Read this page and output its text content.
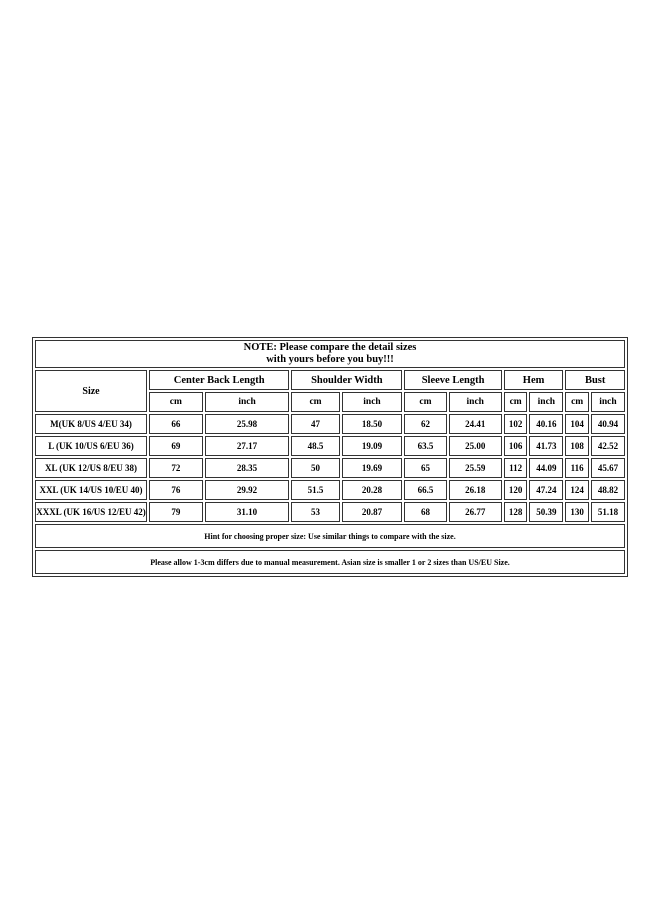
NOTE: Please compare the detail sizes
with yours before you buy!!!										

Size	Center Back Length		Shoulder Width		Sleeve Length		Hem		Bust	
	cm	inch	cm	inch	cm	inch	cm	inch	cm	inch
M(UK 8/US 4/EU 34)	66	25.98	47	18.50	62	24.41	102	40.16	104	40.94
L (UK 10/US 6/EU 36)	69	27.17	48.5	19.09	63.5	25.00	106	41.73	108	42.52
XL (UK 12/US 8/EU 38)	72	28.35	50	19.69	65	25.59	112	44.09	116	45.67
XXL (UK 14/US 10/EU 40)	76	29.92	51.5	20.28	66.5	26.18	120	47.24	124	48.82
XXXL (UK 16/US 12/EU 42)	79	31.10	53	20.87	68	26.77	128	50.39	130	51.18
Hint for choosing proper size: Use similar things to compare with the size.										
Please allow 1-3cm differs due to manual measurement. Asian size is smaller 1 or 2 sizes than US/EU Size.										
